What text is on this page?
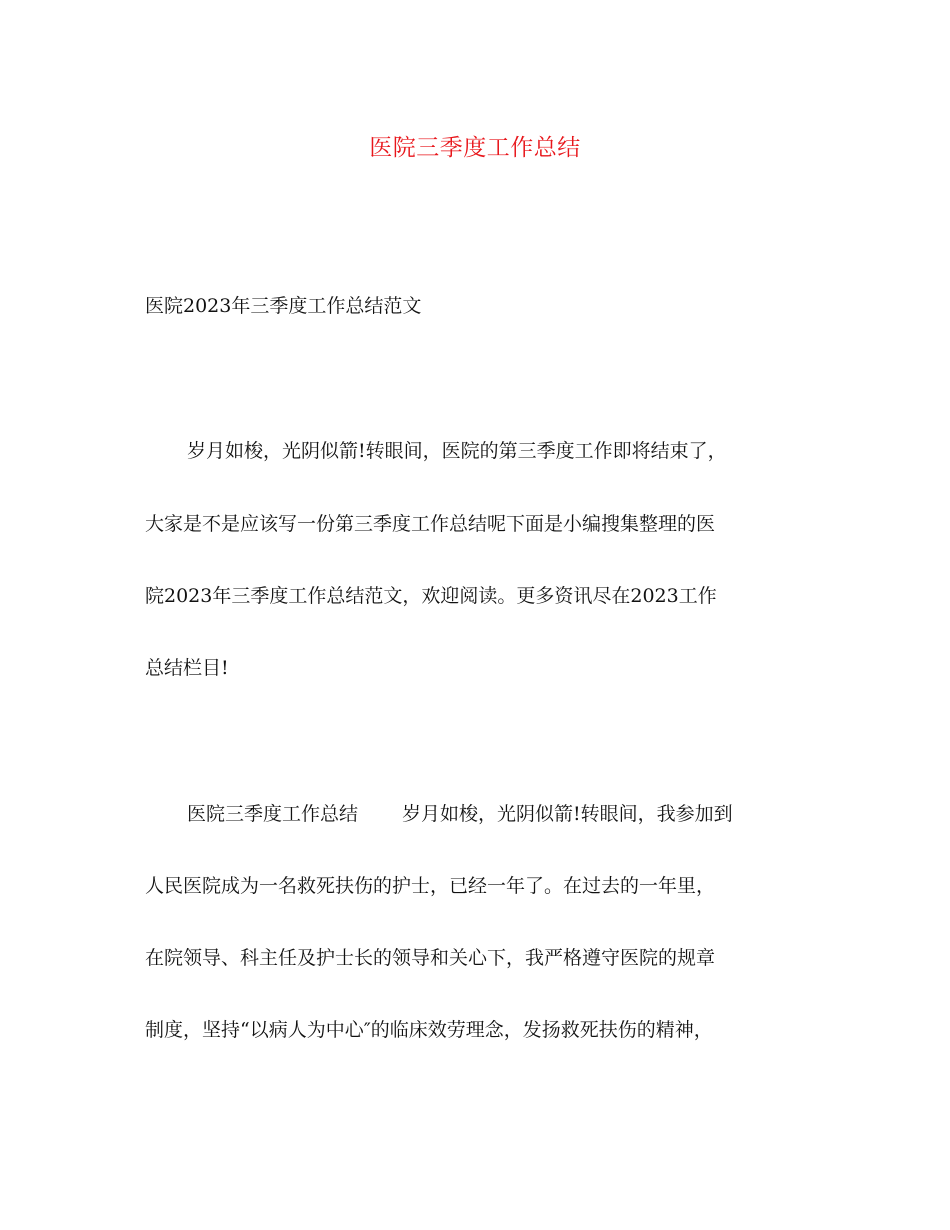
医院三季度工作总结
医院2023年三季度工作总结范文
岁月如梭，光阴似箭!转眼间，医院的第三季度工作即将结束了，
大家是不是应该写一份第三季度工作总结呢下面是小编搜集整理的医
院2023年三季度工作总结范文，欢迎阅读。更多资讯尽在2023工作
总结栏目!
医院三季度工作总结 岁月如梭，光阴似箭!转眼间，我参加到
人民医院成为一名救死扶伤的护士，已经一年了。在过去的一年里，
在院领导、科主任及护士长的领导和关心下，我严格遵守医院的规章
制度，坚持“以病人为中心″的临床效劳理念，发扬救死扶伤的精神，
